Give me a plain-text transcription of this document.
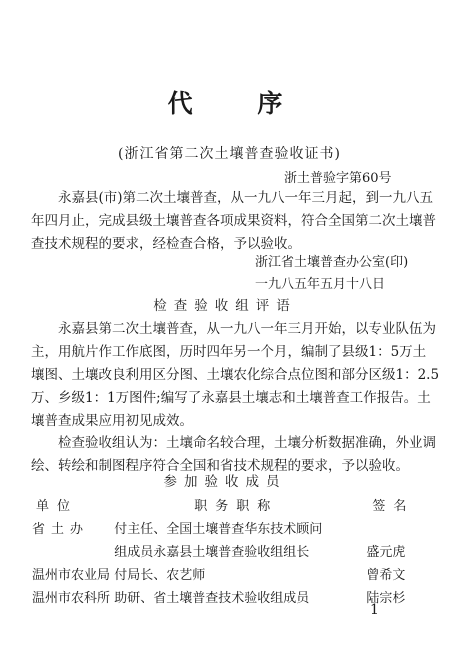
代 序
(浙江省第二次土壤普查验收证书)
浙土普验字第60号
永嘉县(市)第二次土壤普查，从一九八一年三月起，到一九八五
年四月止，完成县级土壤普查各项成果资料，符合全国第二次土壤普
查技术规程的要求，经检查合格，予以验收。
浙江省土壤普查办公室(印)
一九八五年五月十八日
检查验收组评语
永嘉县第二次土壤普查，从一九八一年三月开始，以专业队伍为
主，用航片作工作底图，历时四年另一个月，编制了县级1：5万土
壤图、土壤改良利用区分图、土壤农化综合点位图和部分区级1：2.5
万、乡级1：1万图件;编写了永嘉县土壤志和土壤普查工作报告。土
壤普查成果应用初见成效。
检查验收组认为：土壤命名较合理，土壤分析数据准确，外业调
绘、转绘和制图程序符合全国和省技术规程的要求，予以验收。
参加验收成员
单位	职务职称	签名
省土办	付主任、全国土壤普查华东技术顾问	
	组成员永嘉县土壤普查验收组组长	盛元虎
温州市农业局	付局长、农艺师	曾希文
温州市农科所	助研、省土壤普查技术验收组成员	陆宗杉
1
